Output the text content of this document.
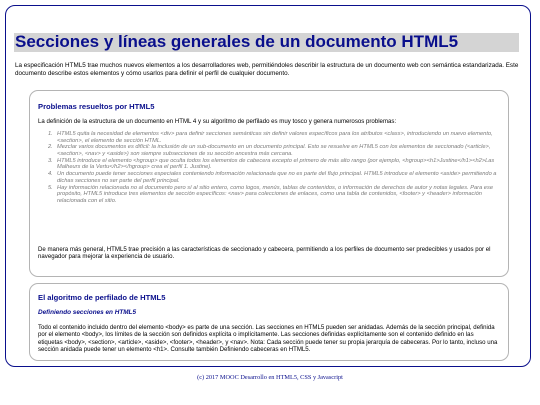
Secciones y líneas generales de un documento HTML5

La especificación HTML5 trae muchos nuevos elementos a los desarrolladores web, permitiéndoles describir la estructura de un documento web con semántica estandarizada. Este documento describe estos elementos y cómo usarlos para definir el perfil de cualquier documento.

Problemas resueltos por HTML5

La definición de la estructura de un documento en HTML 4 y su algoritmo de perfilado es muy tosco y genera numerosos problemas:

1. HTML5 quita la necesidad de elementos <div> para definir secciones semánticas sin definir valores específicos para los atributos <class>, introduciendo un nuevo elemento, <section>, el elemento de sección HTML.
2. Mezclar varios documentos es difícil: la inclusión de un sub-documento en un documento principal. Esto se resuelve en HTML5 con los elementos de seccionado (<article>, <section>, <nav> y <aside>) son siempre subsecciones de su sección ancestra más cercana.
3. HTML5 introduce el elemento <hgroup> que oculta todos los elementos de cabecera excepto el primero de más alto rango (por ejemplo, <hgroup><h1>Justine</h1><h2>Las Malheurs de la Vertu</h2></hgroup> crea el perfil 1. Justine).
4. Un documento puede tener secciones especiales conteniendo información relacionada que no es parte del flujo principal. HTML5 introduce el elemento <aside> permitiendo a dichas secciones no ser parte del perfil principal.
5. Hay información relacionada no al documento pero sí al sitio entero, como logos, menús, tablas de contenidos, o información de derechos de autor y notas legales. Para ese propósito, HTML5 introduce tres elementos de sección específicos: <nav> para colecciones de enlaces, como una tabla de contenidos, <footer> y <header> información relacionada con el sitio.

De manera más general, HTML5 trae precisión a las características de seccionado y cabecera, permitiendo a los perfiles de documento ser predecibles y usados por el navegador para mejorar la experiencia de usuario.

El algoritmo de perfilado de HTML5
Definiendo secciones en HTML5

Todo el contenido incluido dentro del elemento <body> es parte de una sección. Las secciones en HTML5 pueden ser anidadas. Además de la sección principal, definida por el elemento <body>, los límites de la sección son definidos explícita o implícitamente. Las secciones definidas explícitamente son el contenido definido en las etiquetas <body>, <section>, <article>, <aside>, <footer>, <header>, y <nav>. Nota: Cada sección puede tener su propia jerarquía de cabeceras. Por lo tanto, incluso una sección anidada puede tener un elemento <h1>. Consulte también Definiendo cabeceras en HTML5.

(c) 2017 MOOC Desarrollo en HTML5, CSS y Javascript
